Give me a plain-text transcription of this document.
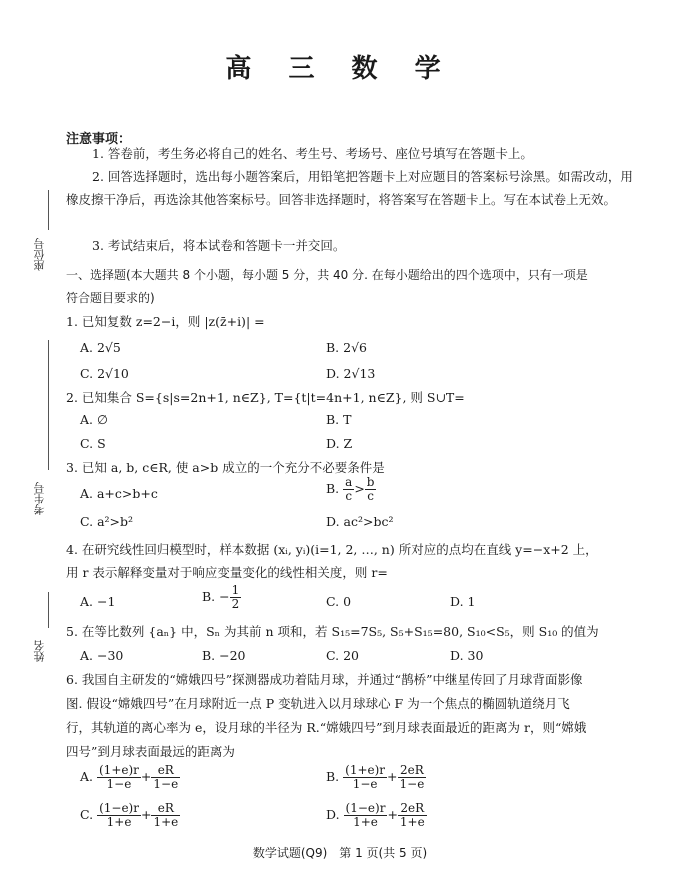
高 三 数 学
座位号
考生号
姓名
注意事项：
1. 答卷前，考生务必将自己的姓名、考生号、考场号、座位号填写在答题卡上。
2. 回答选择题时，选出每小题答案后，用铅笔把答题卡上对应题目的答案标号涂黑。如需改动，用橡皮擦干净后，再选涂其他答案标号。回答非选择题时，将答案写在答题卡上。写在本试卷上无效。
3. 考试结束后，将本试卷和答题卡一并交回。
一、选择题(本大题共 8 个小题，每小题 5 分，共 40 分. 在每小题给出的四个选项中，只有一项是
符合题目要求的)
1. 已知复数 z=2−i，则 |z(z̄+i)| =
A. 2√5	B. 2√6
C. 2√10	D. 2√13
2. 已知集合 S={s|s=2n+1, n∈Z}, T={t|t=4n+1, n∈Z}, 则 S∪T=
A. ∅	B. T
C. S	D. Z
3. 已知 a, b, c∈R, 使 a>b 成立的一个充分不必要条件是
A. a+c>b+c	B. $\frac{a}{c} > \frac{b}{c}$
C. a²>b²	D. ac²>bc²
4. 在研究线性回归模型时，样本数据 (xᵢ, yᵢ)(i=1, 2, …, n) 所对应的点均在直线 y=−x+2 上，
用 r 表示解释变量对于响应变量变化的线性相关度，则 r=
A. −1	B. − $\frac{1}{2}$	C. 0	D. 1
5. 在等比数列 {aₙ} 中，Sₙ 为其前 n 项和，若 S₁₅=7S₅, S₅+S₁₅=80, S₁₀<S₅，则 S₁₀ 的值为
A. −30	B. −20	C. 20	D. 30
6. 我国自主研发的“嫦娥四号”探测器成功着陆月球，并通过“鹊桥”中继星传回了月球背面影像
图. 假设“嫦娥四号”在月球附近一点 P 变轨进入以月球球心 F 为一个焦点的椭圆轨道绕月飞
行，其轨道的离心率为 e，设月球的半径为 R.“嫦娥四号”到月球表面最近的距离为 r，则“嫦娥
四号”到月球表面最远的距离为
A. $\frac{(1+e)r}{1-e} + \frac{eR}{1-e}$	B. $\frac{(1+e)r}{1-e} + \frac{2eR}{1-e}$
C. $\frac{(1-e)r}{1+e} + \frac{eR}{1+e}$	D. $\frac{(1-e)r}{1+e} + \frac{2eR}{1+e}$
数学试题(Q9)　第 1 页(共 5 页)
